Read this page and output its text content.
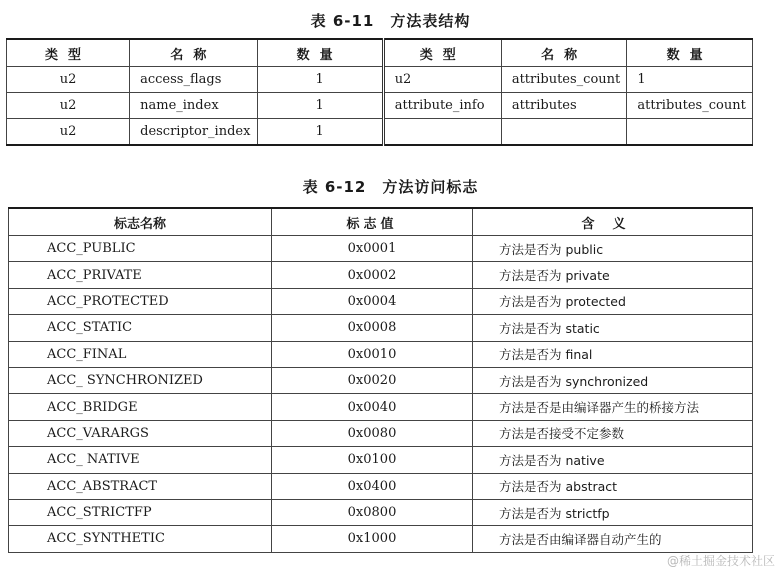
表 6-11　方法表结构
类型	名称	数量	类型	名称	数量
u2	access_flags	1	u2	attributes_count	1
u2	name_index	1	attribute_info	attributes	attributes_count
u2	descriptor_index	1			
表 6-12　方法访问标志
标志名称	标志值	含义
ACC_PUBLIC	0x0001	方法是否为 public
ACC_PRIVATE	0x0002	方法是否为 private
ACC_PROTECTED	0x0004	方法是否为 protected
ACC_STATIC	0x0008	方法是否为 static
ACC_FINAL	0x0010	方法是否为 final
ACC_ SYNCHRONIZED	0x0020	方法是否为 synchronized
ACC_BRIDGE	0x0040	方法是否是由编译器产生的桥接方法
ACC_VARARGS	0x0080	方法是否接受不定参数
ACC_ NATIVE	0x0100	方法是否为 native
ACC_ABSTRACT	0x0400	方法是否为 abstract
ACC_STRICTFP	0x0800	方法是否为 strictfp
ACC_SYNTHETIC	0x1000	方法是否由编译器自动产生的
@稀土掘金技术社区
